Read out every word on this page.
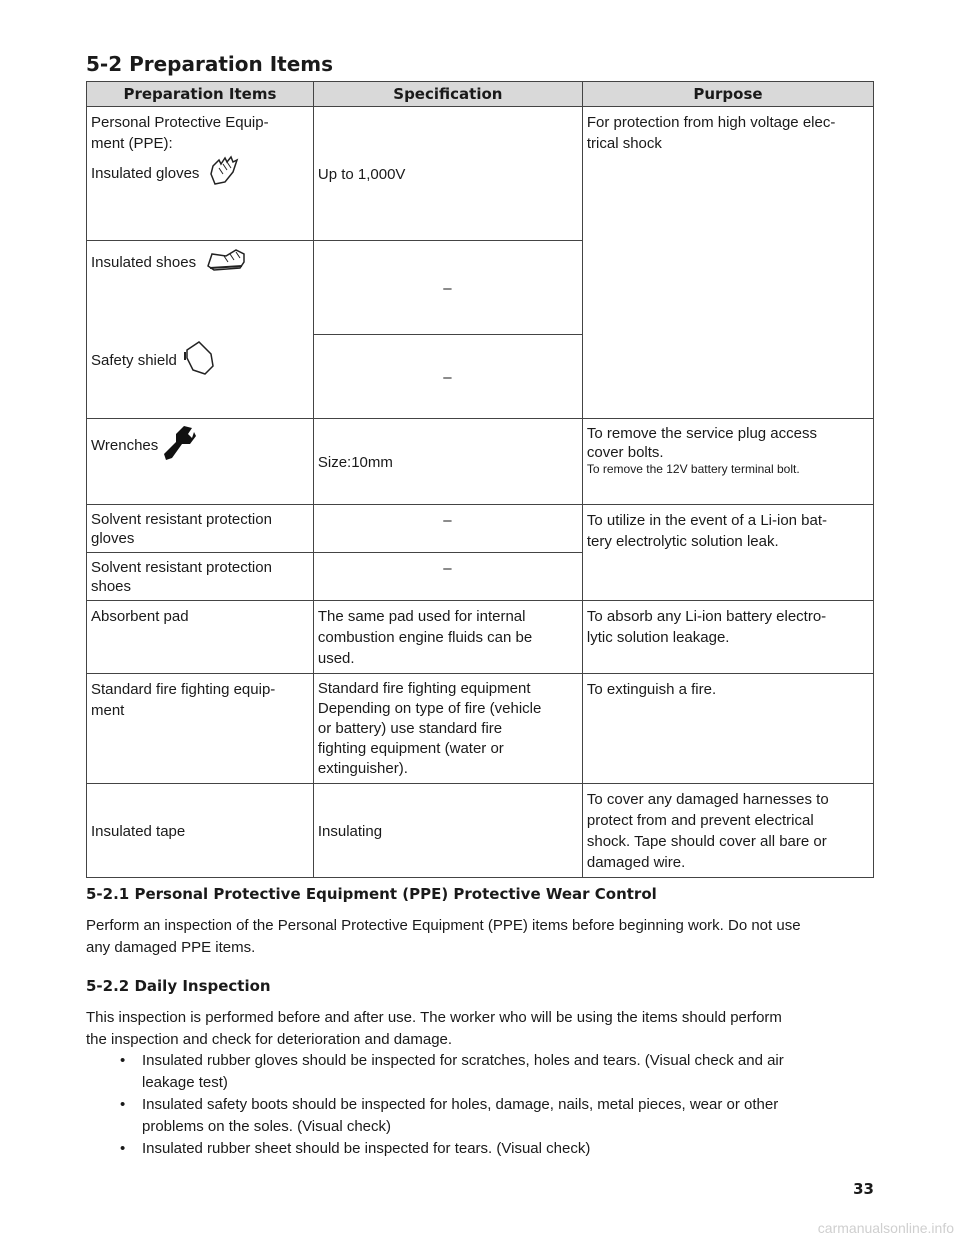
5-2 Preparation Items
Preparation Items	Specification	Purpose

Personal Protective Equip-
ment (PPE):
Insulated gloves	Up to 1,000V	For protection from high voltage elec-
trical shock

Insulated shoes	–	
Safety shield	–	
Wrenches	Size:10mm	To remove the service plug access
cover bolts.
To remove the 12V battery terminal bolt.

Solvent resistant protection
gloves	–	To utilize in the event of a Li-ion bat-
tery electrolytic solution leak.

Solvent resistant protection
shoes	–	
Absorbent pad	The same pad used for internal
combustion engine fluids can be
used.	To absorb any Li-ion battery electro-
lytic solution leakage.

Standard fire fighting equip-
ment	Standard fire fighting equipment
Depending on type of fire (vehicle
or battery) use standard fire
fighting equipment (water or
extinguisher).	To extinguish a fire.
Insulated tape	Insulating	To cover any damaged harnesses to
protect from and prevent electrical
shock. Tape should cover all bare or
damaged wire.
5-2.1 Personal Protective Equipment (PPE) Protective Wear Control
Perform an inspection of the Personal Protective Equipment (PPE) items before beginning work. Do not use
any damaged PPE items.
5-2.2 Daily Inspection
This inspection is performed before and after use. The worker who will be using the items should perform
the inspection and check for deterioration and damage.
• Insulated rubber gloves should be inspected for scratches, holes and tears. (Visual check and air
leakage test)
• Insulated safety boots should be inspected for holes, damage, nails, metal pieces, wear or other
problems on the soles. (Visual check)
• Insulated rubber sheet should be inspected for tears. (Visual check)
33
carmanualsonline.info
